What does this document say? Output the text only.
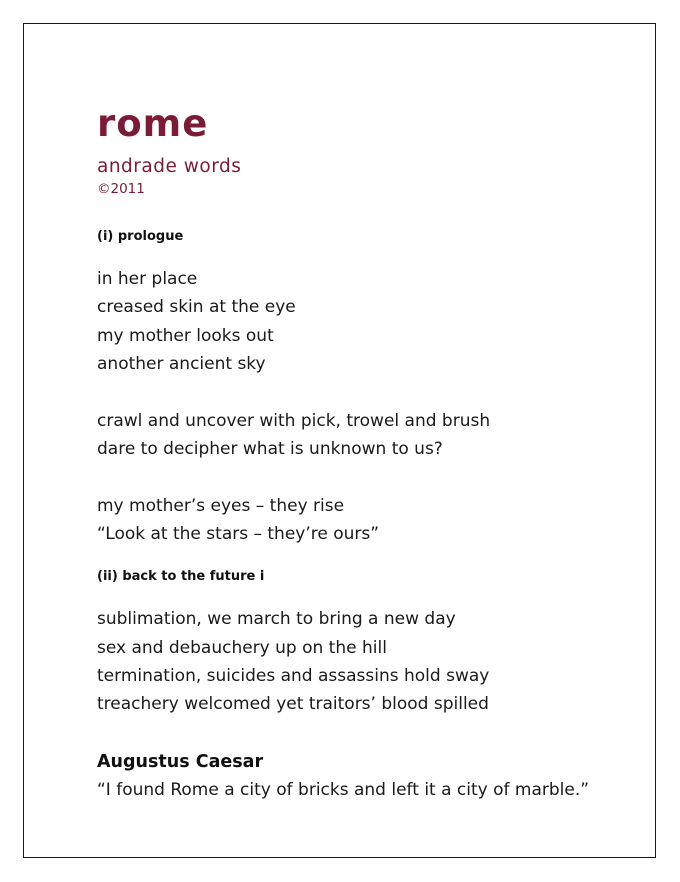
rome
andrade words
©2011
(i) prologue
in her place
creased skin at the eye
my mother looks out
another ancient sky
crawl and uncover with pick, trowel and brush
dare to decipher what is unknown to us?
my mother’s eyes – they rise
“Look at the stars – they’re ours”
(ii) back to the future i
sublimation, we march to bring a new day
sex and debauchery up on the hill
termination, suicides and assassins hold sway
treachery welcomed yet traitors’ blood spilled
Augustus Caesar
“I found Rome a city of bricks and left it a city of marble.”
